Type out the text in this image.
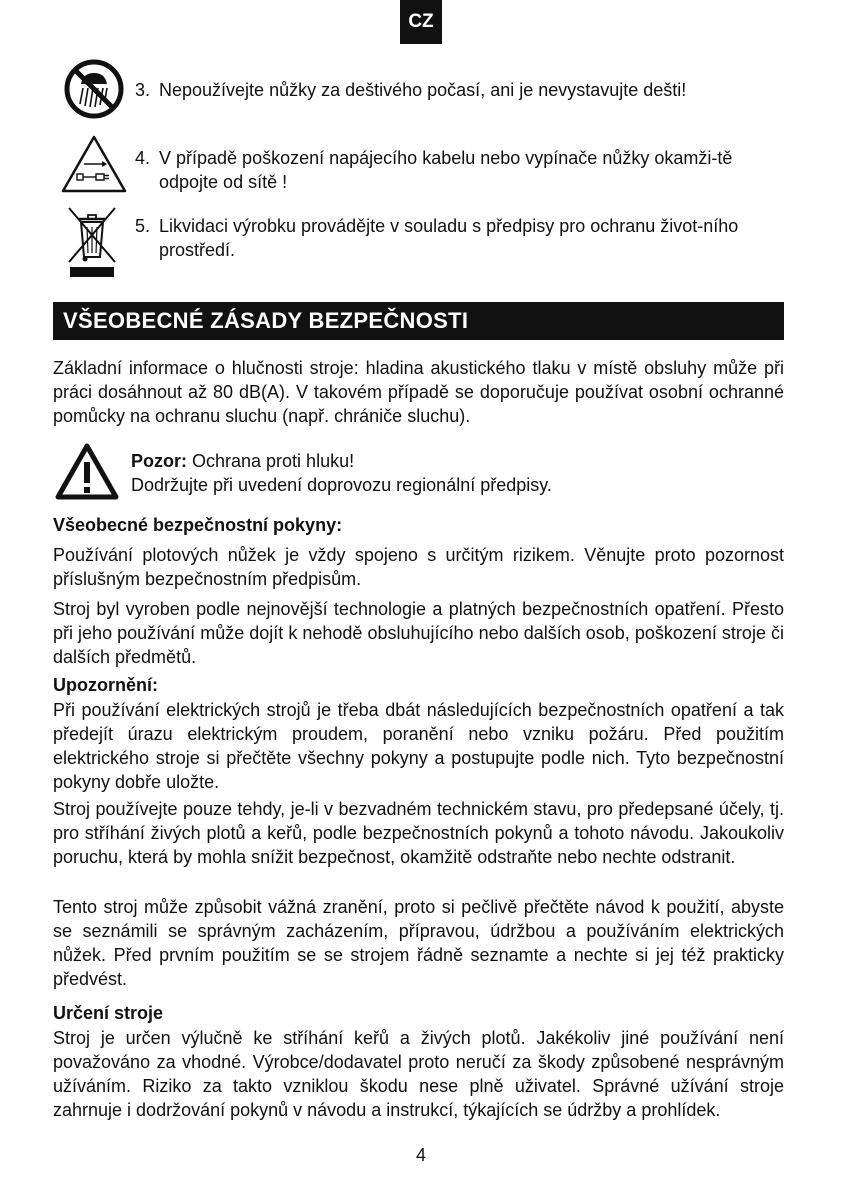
CZ
3. Nepoužívejte nůžky za deštivého počasí, ani je nevystavujte dešti!
4. V případě poškození napájecího kabelu nebo vypínače nůžky okamži-tě odpojte od sítě !
5. Likvidaci výrobku provádějte v souladu s předpisy pro ochranu život-ního prostředí.
VŠEOBECNÉ ZÁSADY BEZPEČNOSTI

Základní informace o hlučnosti stroje: hladina akustického tlaku v místě obsluhy může při práci dosáhnout až 80 dB(A). V takovém případě se doporučuje používat osobní ochranné pomůcky na ochranu sluchu (např. chrániče sluchu).

Pozor: Ochrana proti hluku!
Dodržujte při uvedení doprovozu regionální předpisy.
Všeobecné bezpečnostní pokyny:

Používání plotových nůžek je vždy spojeno s určitým rizikem. Věnujte proto pozornost příslušným bezpečnostním předpisům.

Stroj byl vyroben podle nejnovější technologie a platných bezpečnostních opatření. Přesto při jeho používání může dojít k nehodě obsluhujícího nebo dalších osob, poškození stroje či dalších předmětů.

Upozornění:

Při používání elektrických strojů je třeba dbát následujících bezpečnostních opatření a tak předejít úrazu elektrickým proudem, poranění nebo vzniku požáru. Před použitím elektrického stroje si přečtěte všechny pokyny a postupujte podle nich. Tyto bezpečnostní pokyny dobře uložte.

Stroj používejte pouze tehdy, je-li v bezvadném technickém stavu, pro předepsané účely, tj. pro stříhání živých plotů a keřů, podle bezpečnostních pokynů a tohoto návodu. Jakoukoliv poruchu, která by mohla snížit bezpečnost, okamžitě odstraňte nebo nechte odstranit.

Tento stroj může způsobit vážná zranění, proto si pečlivě přečtěte návod k použití, abyste se seznámili se správným zacházením, přípravou, údržbou a používáním elektrických nůžek. Před prvním použitím se se strojem řádně seznamte a nechte si jej též prakticky předvést.

Určení stroje

Stroj je určen výlučně ke stříhání keřů a živých plotů. Jakékoliv jiné používání není považováno za vhodné. Výrobce/dodavatel proto neručí za škody způsobené nesprávným užíváním. Riziko za takto vzniklou škodu nese plně uživatel. Správné užívání stroje zahrnuje i dodržování pokynů v návodu a instrukcí, týkajících se údržby a prohlídek.

4
